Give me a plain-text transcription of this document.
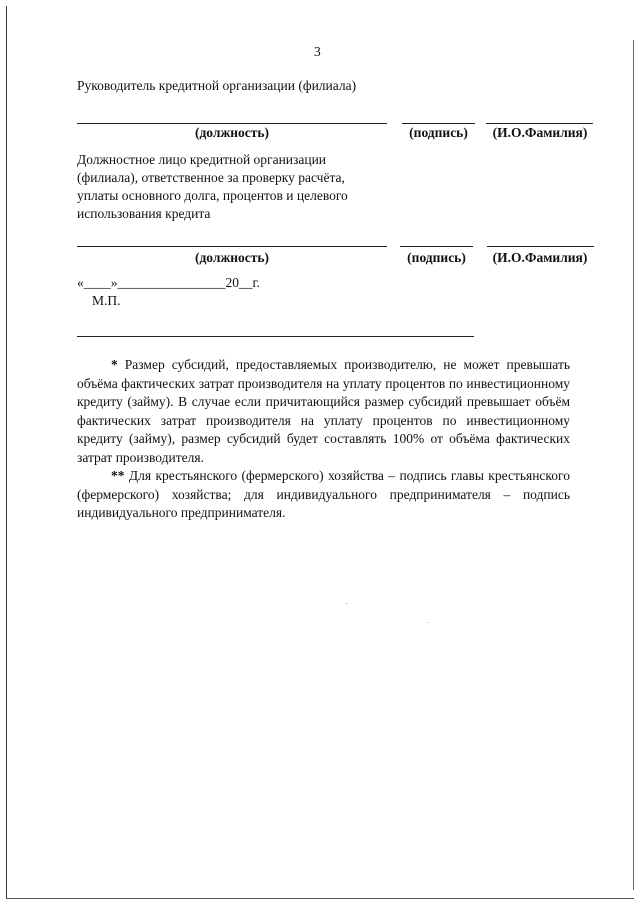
3
Руководитель кредитной организации (филиала)
(должность)	(подпись)	(И.О.Фамилия)
Должностное лицо кредитной организации
(филиала), ответственное за проверку расчёта,
уплаты основного долга, процентов и целевого
использования кредита
(должность)	(подпись)	(И.О.Фамилия)
«____»________________20__г.
М.П.

* Размер субсидий, предоставляемых производителю, не может превышать объёма фактических затрат производителя на уплату процентов по инвестиционному кредиту (займу). В случае если причитающийся размер субсидий превышает объём фактических затрат производителя на уплату процентов по инвестиционному кредиту (займу), размер субсидий будет составлять 100% от объёма фактических затрат производителя.

** Для крестьянского (фермерского) хозяйства – подпись главы крестьянского (фермерского) хозяйства; для индивидуального предпринимателя – подпись индивидуального предпринимателя.
